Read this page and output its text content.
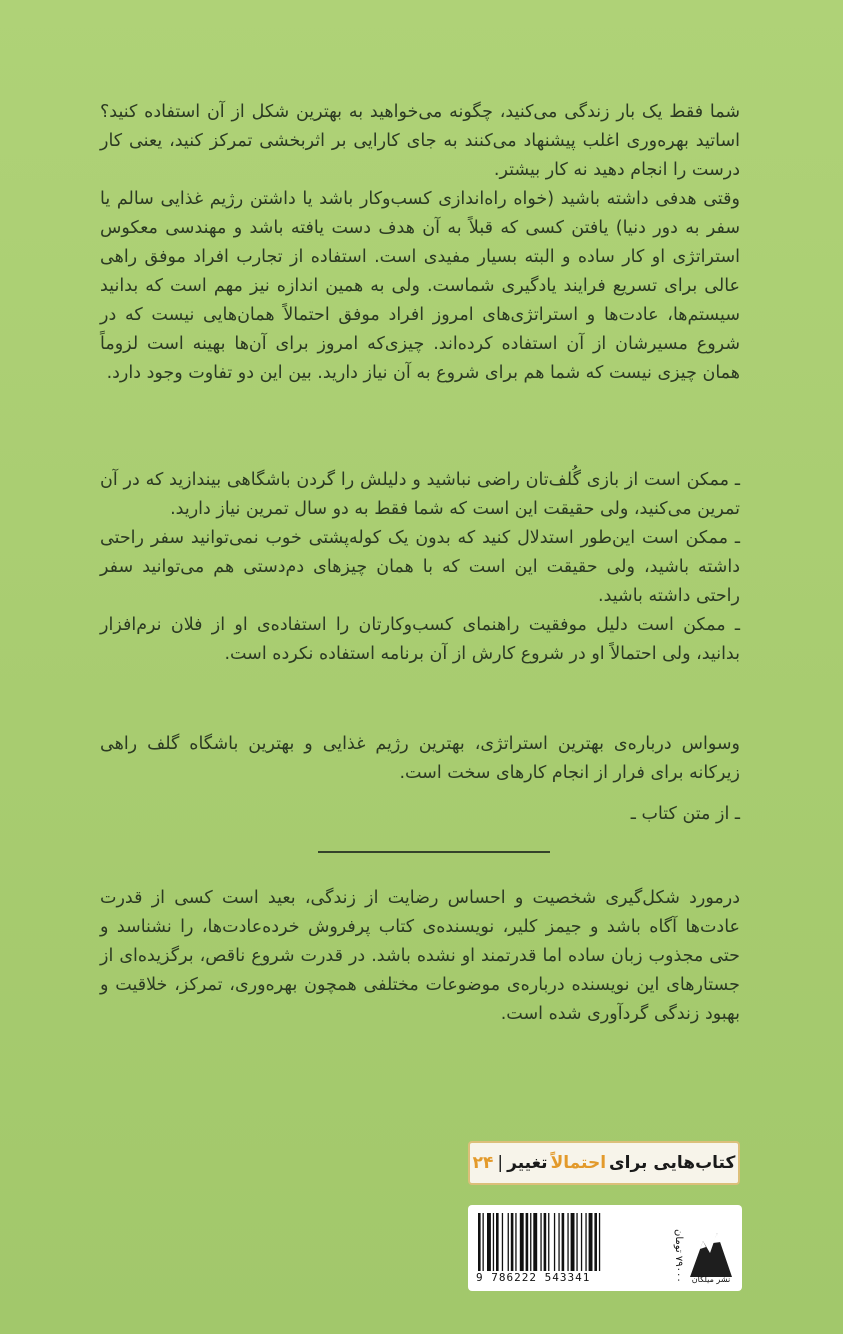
شما فقط یک بار زندگی می‌کنید، چگونه می‌خواهید به بهترین شکل از آن استفاده کنید؟ اساتید بهره‌وری اغلب پیشنهاد می‌کنند به جای کارایی بر اثربخشی تمرکز کنید، یعنی کار درست را انجام دهید نه کار بیشتر.

وقتی هدفی داشته باشید (خواه راه‌اندازی کسب‌وکار باشد یا داشتن رژیم غذایی سالم یا سفر به دور دنیا) یافتن کسی که قبلاً به آن هدف دست یافته باشد و مهندسی معکوس استراتژی او کار ساده و البته بسیار مفیدی است. استفاده از تجارب افراد موفق راهی عالی برای تسریع فرایند یادگیری شماست. ولی به همین اندازه نیز مهم است که بدانید سیستم‌ها، عادت‌ها و استراتژی‌های امروز افراد موفق احتمالاً همان‌هایی نیست که در شروع مسیرشان از آن استفاده کرده‌اند. چیزی‌که امروز برای آن‌ها بهینه است لزوماً همان چیزی نیست که شما هم برای شروع به آن نیاز دارید. بین این دو تفاوت وجود دارد.

ـ ممکن است از بازی گُلف‌تان راضی نباشید و دلیلش را گردن باشگاهی بیندازید که در آن تمرین می‌کنید، ولی حقیقت این است که شما فقط به دو سال تمرین نیاز دارید.

ـ ممکن است این‌طور استدلال کنید که بدون یک کوله‌پشتی خوب نمی‌توانید سفر راحتی داشته باشید، ولی حقیقت این است که با همان چیزهای دم‌دستی هم می‌توانید سفر راحتی داشته باشید.

ـ ممکن است دلیل موفقیت راهنمای کسب‌وکارتان را استفاده‌ی او از فلان نرم‌افزار بدانید، ولی احتمالاً او در شروع کارش از آن برنامه استفاده نکرده است.

وسواس درباره‌ی بهترین استراتژی، بهترین رژیم غذایی و بهترین باشگاه گلف راهی زیرکانه برای فرار از انجام کارهای سخت است.
ـ از متن کتاب ـ
درمورد شکل‌گیری شخصیت و احساس رضایت از زندگی، بعید است کسی از قدرت عادت‌ها آگاه باشد و جیمز کلیر، نویسنده‌ی کتاب پرفروش خرده‌عادت‌ها، را نشناسد و حتی مجذوب زبان ساده اما قدرتمند او نشده باشد. در قدرت شروع ناقص، برگزیده‌ای از جستارهای این نویسنده درباره‌ی موضوعات مختلفی همچون بهره‌وری، تمرکز، خلاقیت و بهبود زندگی گردآوری شده است.
کتاب‌هایی برای
احتمالاً
تغییر
|
۲۴
9 786222 543341
۷۹۰۰۰ تومان نشر میلکان
